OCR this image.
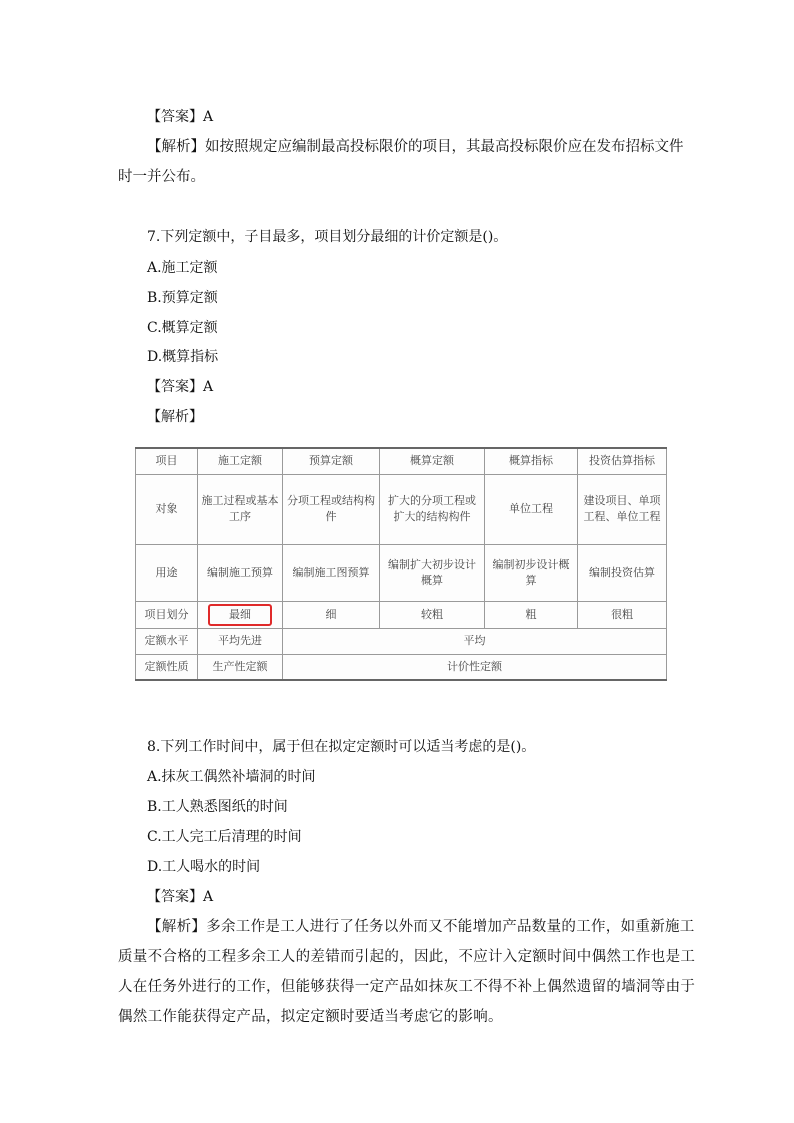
【答案】A
【解析】如按照规定应编制最高投标限价的项目，其最高投标限价应在发布招标文件
时一并公布。
7.下列定额中，子目最多，项目划分最细的计价定额是()。
A.施工定额
B.预算定额
C.概算定额
D.概算指标
【答案】A
【解析】
项目	施工定额	预算定额	概算定额	概算指标	投资估算指标
对象	施工过程或基本工序	分项工程或结构构件	扩大的分项工程或扩大的结构构件	单位工程	建设项目、单项工程、单位工程
用途	编制施工预算	编制施工图预算	编制扩大初步设计概算	编制初步设计概算	编制投资估算
项目划分	最细	细	较粗	粗	很粗
定额水平	平均先进	平均			
定额性质	生产性定额	计价性定额			
8.下列工作时间中，属于但在拟定定额时可以适当考虑的是()。
A.抹灰工偶然补墙洞的时间
B.工人熟悉图纸的时间
C.工人完工后清理的时间
D.工人喝水的时间
【答案】A
【解析】多余工作是工人进行了任务以外而又不能增加产品数量的工作，如重新施工
质量不合格的工程多余工人的差错而引起的，因此，不应计入定额时间中偶然工作也是工
人在任务外进行的工作，但能够获得一定产品如抹灰工不得不补上偶然遗留的墙洞等由于
偶然工作能获得定产品，拟定定额时要适当考虑它的影响。
